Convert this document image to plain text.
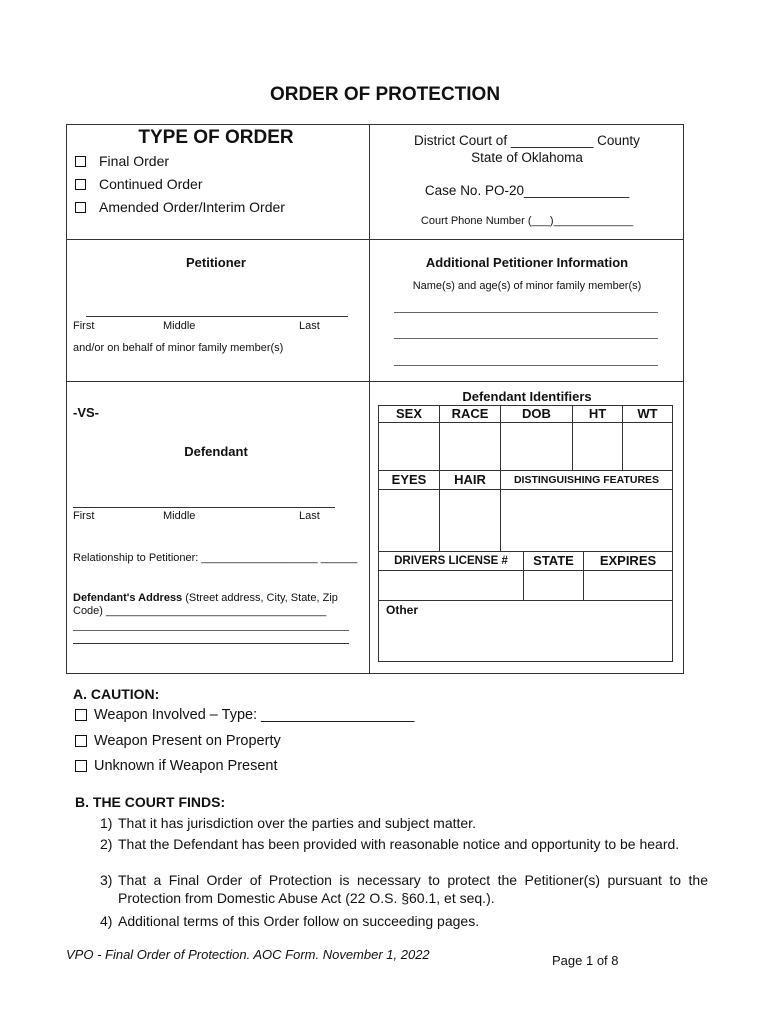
ORDER OF PROTECTION
TYPE OF ORDER
Final Order
Continued Order
Amended Order/Interim Order
District Court of ___________ County
State of Oklahoma
Case No. PO-20______________
Court Phone Number (___)_____________
Petitioner
First	Middle	Last
and/or on behalf of minor family member(s)
Additional Petitioner Information
Name(s) and age(s) of minor family member(s)
-VS-
Defendant
First	Middle	Last
Relationship to Petitioner: ___________________ ______
Defendant's Address (Street address, City, State, Zip Code) ____________________________________
Defendant Identifiers
SEX	RACE	DOB	HT	WT
EYES	HAIR	DISTINGUISHING FEATURES
DRIVERS LICENSE #	STATE	EXPIRES
Other
A. CAUTION:
Weapon Involved – Type: ___________________
Weapon Present on Property
Unknown if Weapon Present
B. THE COURT FINDS:
1) That it has jurisdiction over the parties and subject matter.
2) That the Defendant has been provided with reasonable notice and opportunity to be heard.
3) That a Final Order of Protection is necessary to protect the Petitioner(s) pursuant to the Protection from Domestic Abuse Act (22 O.S. §60.1, et seq.).
4) Additional terms of this Order follow on succeeding pages.
VPO - Final Order of Protection. AOC Form. November 1, 2022	Page 1 of 8
